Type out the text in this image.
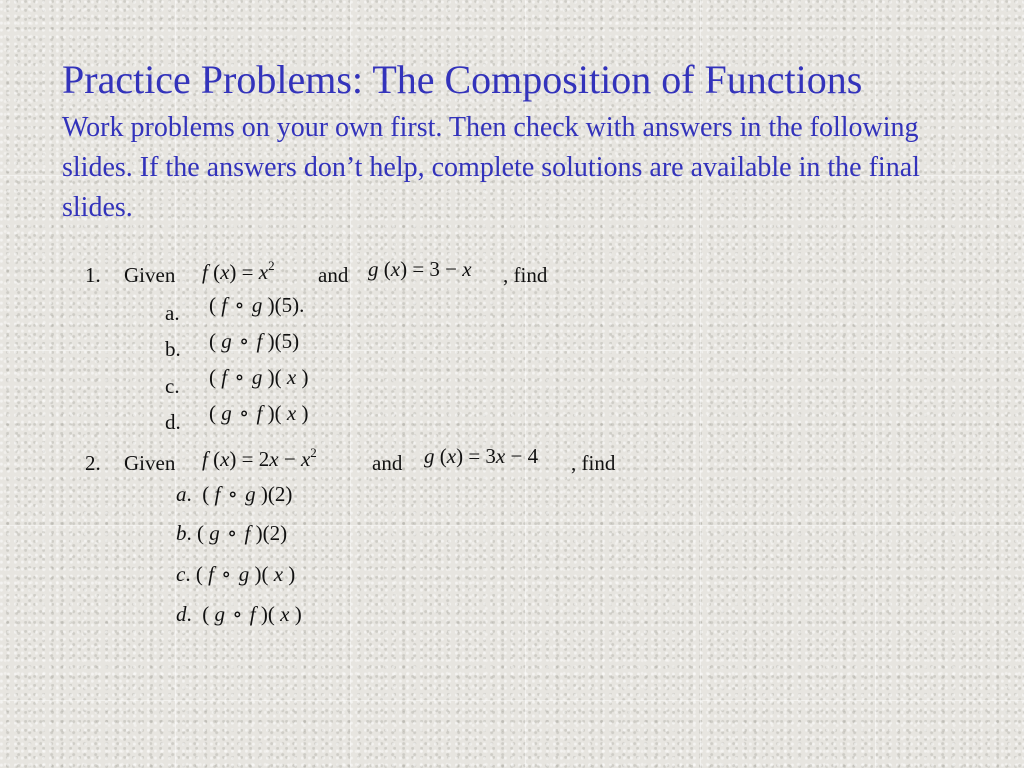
Practice Problems: The Composition of Functions

Work problems on your own first. Then check with answers in the following slides. If the answers don’t help, complete solutions are available in the final slides.

1. Given f $(x) = x^2$ and g (x) = 3 − x , find
a. ( f ∘ g )(5).
b. ( g ∘ f )(5)
c. ( f ∘ g )( x )
d. ( g ∘ f )( x )
2. Given f $(x) = 2x - x^2$	and g (x) = 3x − 4 , find
a.  ( f ∘ g )(2)
b. ( g ∘ f )(2)
c. ( f ∘ g )( x )
d.  ( g ∘ f )( x )
